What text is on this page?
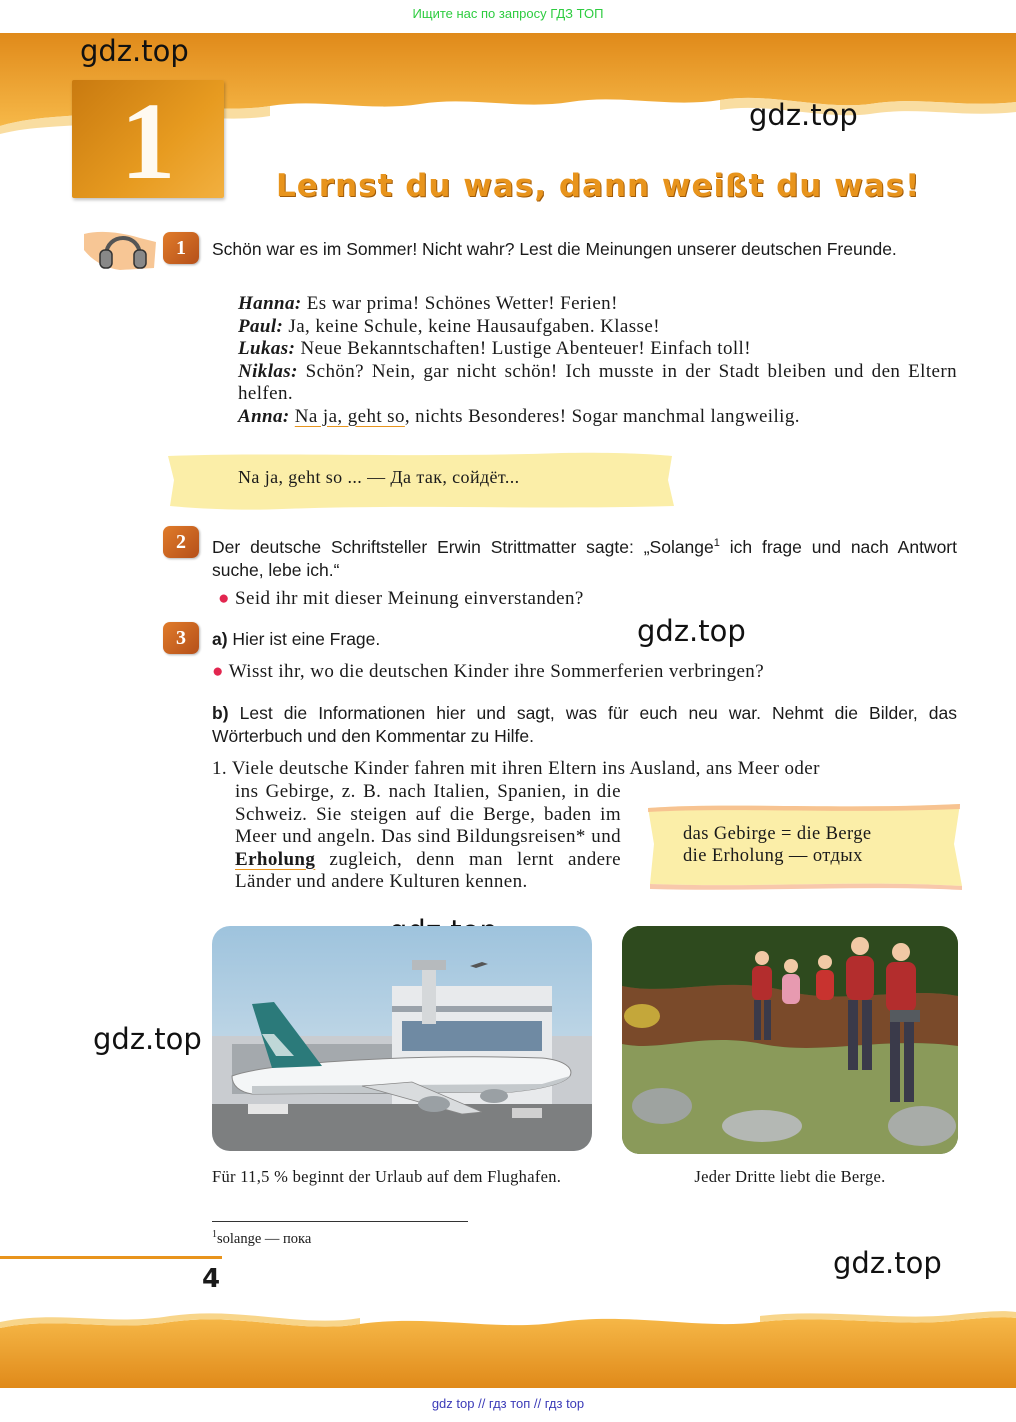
Ищите нас по запросу ГДЗ ТОП
1
gdz.top
gdz.top
gdz.top
gdz.top
gdz.top
Lernst du was, dann weißt du was!
1	Schön war es im Sommer! Nicht wahr? Lest die Meinungen unserer deutschen Freunde.
Hanna: Es war prima! Schönes Wetter! Ferien!
Paul: Ja, keine Schule, keine Hausaufgaben. Klasse!
Lukas: Neue Bekanntschaften! Lustige Abenteuer! Einfach toll!
Niklas: Schön? Nein, gar nicht schön! Ich musste in der Stadt bleiben und den Eltern helfen.
Anna: Na ja, geht so, nichts Besonderes! Sogar manchmal langweilig.
Na ja, geht so ... — Да так, сойдёт...
2	Der deutsche Schriftsteller Erwin Strittmatter sagte: „Solange$^1$ ich frage und nach Antwort suche, lebe ich.“
● Seid ihr mit dieser Meinung einverstanden?
3	a) Hier ist eine Frage.
● Wisst ihr, wo die deutschen Kinder ihre Sommerferien verbringen?
b) Lest die Informationen hier und sagt, was für euch neu war. Nehmt die Bilder, das Wörterbuch und den Kommentar zu Hilfe.
1. Viele deutsche Kinder fahren mit ihren Eltern ins Ausland, ans Meer oder
ins Gebirge, z. B. nach Italien, Spanien, in die Schweiz. Sie steigen auf die Berge, baden im Meer und angeln. Das sind Bildungsreisen* und Erholung zugleich, denn man lernt andere Länder und andere Kulturen kennen.
das Gebirge = die Berge
die Erholung — отдых
Für 11,5 % beginnt der Urlaub auf dem Flughafen.	Jeder Dritte liebt die Berge.
$^1$solange — пока
4
gdz top // гдз топ // гдз top
